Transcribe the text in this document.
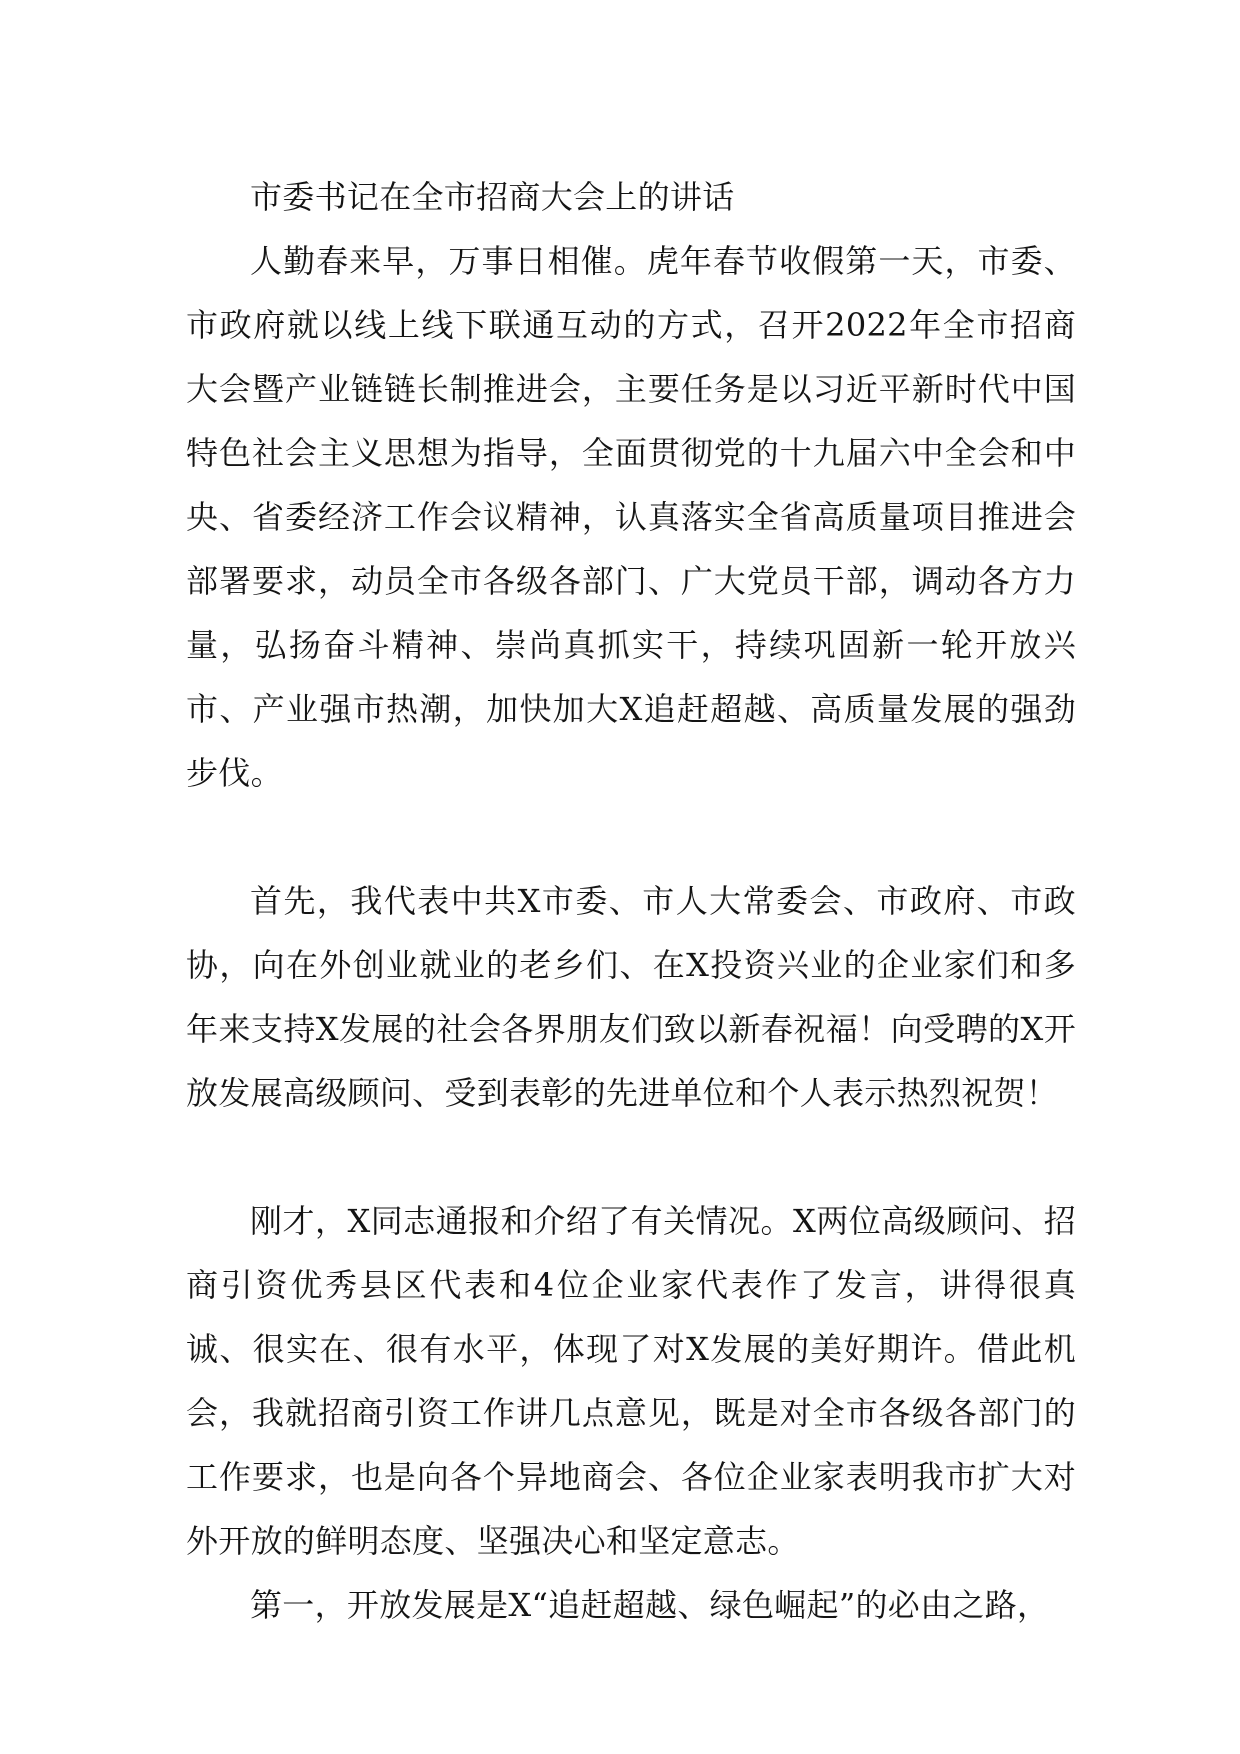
市委书记在全市招商大会上的讲话

人勤春来早，万事日相催。虎年春节收假第一天，市委、市政府就以线上线下联通互动的方式，召开2022年全市招商大会暨产业链链长制推进会，主要任务是以习近平新时代中国特色社会主义思想为指导，全面贯彻党的十九届六中全会和中央、省委经济工作会议精神，认真落实全省高质量项目推进会部署要求，动员全市各级各部门、广大党员干部，调动各方力量，弘扬奋斗精神、崇尚真抓实干，持续巩固新一轮开放兴市、产业强市热潮，加快加大X追赶超越、高质量发展的强劲步伐。

首先，我代表中共X市委、市人大常委会、市政府、市政协，向在外创业就业的老乡们、在X投资兴业的企业家们和多年来支持X发展的社会各界朋友们致以新春祝福！向受聘的X开放发展高级顾问、受到表彰的先进单位和个人表示热烈祝贺！

刚才，X同志通报和介绍了有关情况。X两位高级顾问、招商引资优秀县区代表和4位企业家代表作了发言，讲得很真诚、很实在、很有水平，体现了对X发展的美好期许。借此机会，我就招商引资工作讲几点意见，既是对全市各级各部门的工作要求，也是向各个异地商会、各位企业家表明我市扩大对外开放的鲜明态度、坚强决心和坚定意志。

第一，开放发展是X“追赶超越、绿色崛起”的必由之路，
